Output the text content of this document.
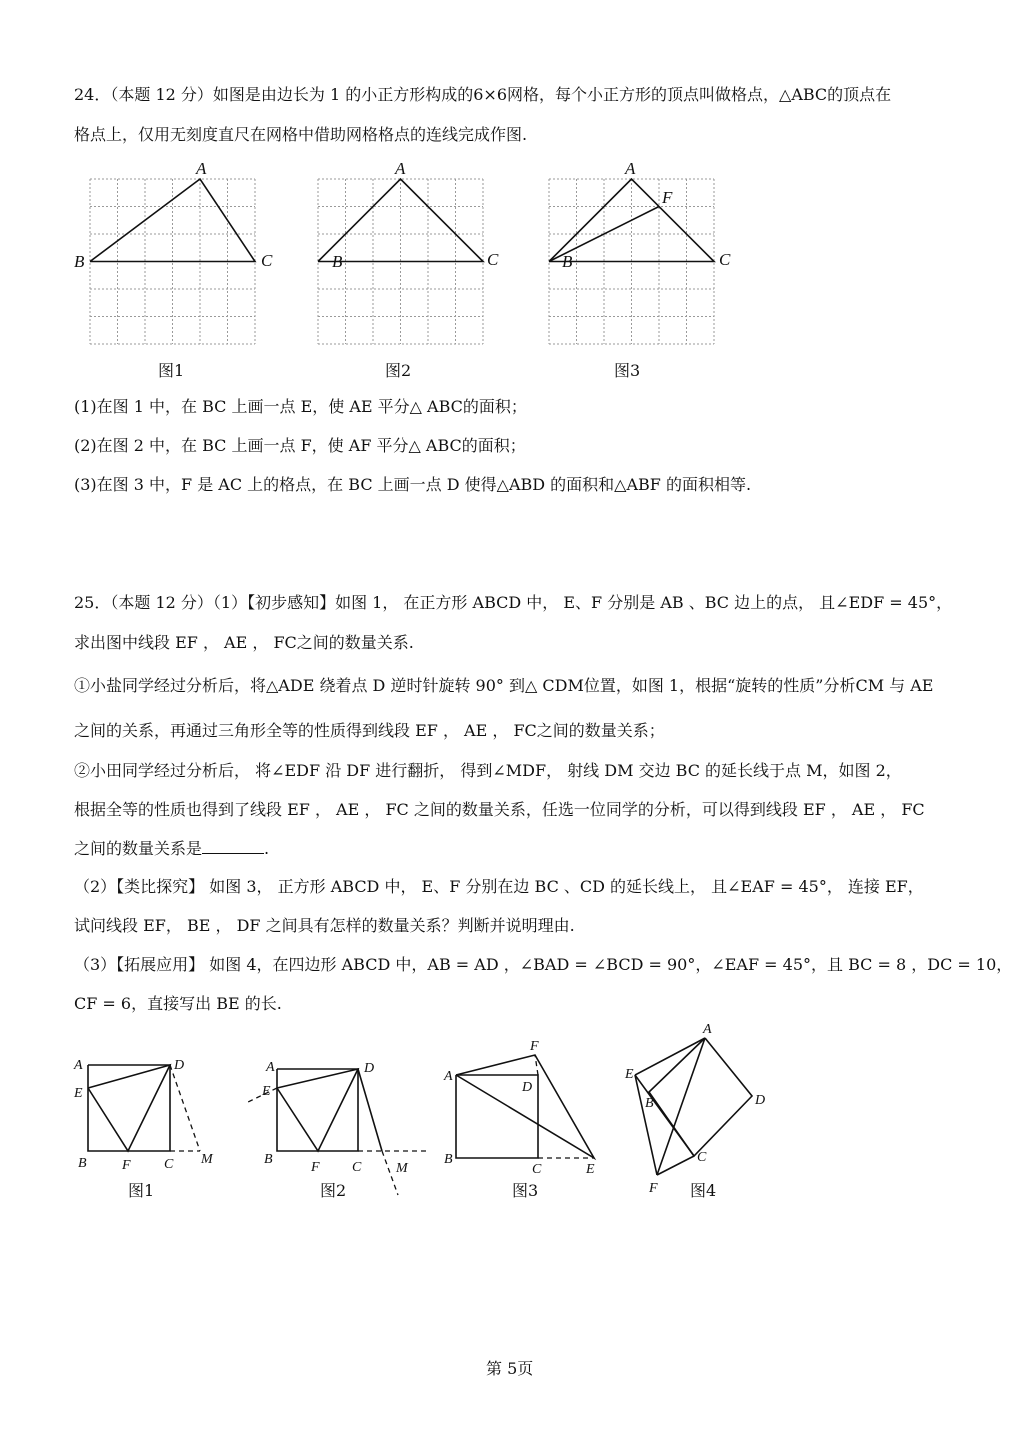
24．（本题 12 分）如图是由边长为 1 的小正方形构成的6×6网格，每个小正方形的顶点叫做格点，△ABC的顶点在
格点上，仅用无刻度直尺在网格中借助网格格点的连线完成作图.
A
B	C
A
B	C
A
F
B	C
图1	图2	图3
(1)在图 1 中，在 BC 上画一点 E，使 AE 平分△ ABC的面积；
(2)在图 2 中，在 BC 上画一点 F，使 AF 平分△ ABC的面积；
(3)在图 3 中，F 是 AC 上的格点，在 BC 上画一点 D 使得△ABD 的面积和△ABF 的面积相等.
25．（本题 12 分）（1）【初步感知】如图 1， 在正方形 ABCD 中， E、F 分别是 AB 、BC 边上的点， 且∠EDF = 45°，
求出图中线段 EF ， AE ， FC之间的数量关系.
①小盐同学经过分析后，将△ADE 绕着点 D 逆时针旋转 90° 到△ CDM位置，如图 1，根据“旋转的性质”分析CM 与 AE
之间的关系，再通过三角形全等的性质得到线段 EF ， AE ， FC之间的数量关系；
②小田同学经过分析后， 将∠EDF 沿 DF 进行翻折， 得到∠MDF， 射线 DM 交边 BC 的延长线于点 M，如图 2，
根据全等的性质也得到了线段 EF ， AE ， FC 之间的数量关系，任选一位同学的分析，可以得到线段 EF ， AE ， FC
之间的数量关系是	.
（2）【类比探究】 如图 3， 正方形 ABCD 中， E、F 分别在边 BC 、CD 的延长线上， 且∠EAF = 45°， 连接 EF，
试问线段 EF， BE ， DF 之间具有怎样的数量关系？判断并说明理由.
（3）【拓展应用】 如图 4，在四边形 ABCD 中，AB = AD ，∠BAD = ∠BCD = 90°，∠EAF = 45°，且 BC = 8 ，DC = 10，
CF = 6，直接写出 BE 的长.
A	D
E
B	F C M
A	D
E
B
F C M
A
F
D
B
C	E
A
E
B	D
C
F
图1	图2	图3	图4
第 5页
